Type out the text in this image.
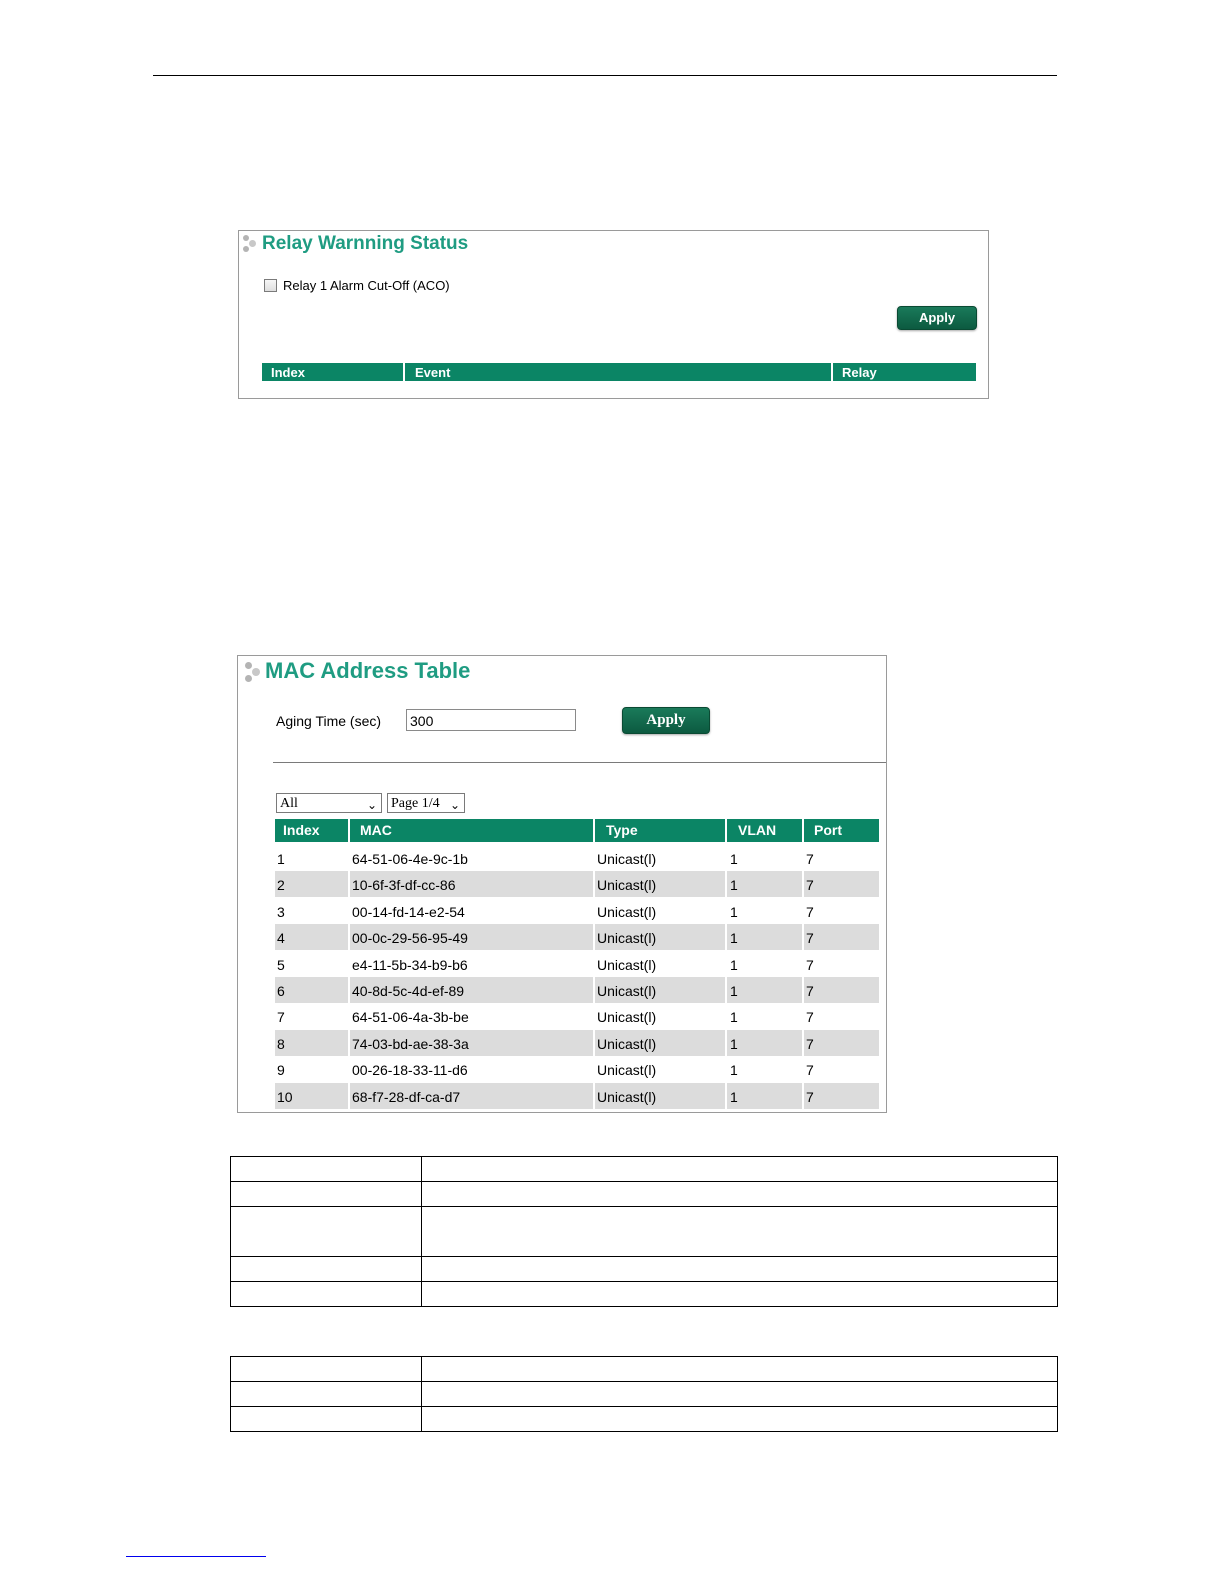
Relay Warnning Status
Relay 1 Alarm Cut-Off (ACO)
Apply
Index	Event	Relay
MAC Address Table
Aging Time (sec) 300	Apply
All	⌄ Page 1/4 ⌄
Index	MAC	Type	VLAN	Port
1	64-51-06-4e-9c-1b	Unicast(l)	1	7
2	10-6f-3f-df-cc-86	Unicast(l)	1	7
3	00-14-fd-14-e2-54	Unicast(l)	1	7
4	00-0c-29-56-95-49	Unicast(l)	1	7
5	e4-11-5b-34-b9-b6	Unicast(l)	1	7
6	40-8d-5c-4d-ef-89	Unicast(l)	1	7
7	64-51-06-4a-3b-be	Unicast(l)	1	7
8	74-03-bd-ae-38-3a	Unicast(l)	1	7
9	00-26-18-33-11-d6	Unicast(l)	1	7
10	68-f7-28-df-ca-d7	Unicast(l)	1	7
